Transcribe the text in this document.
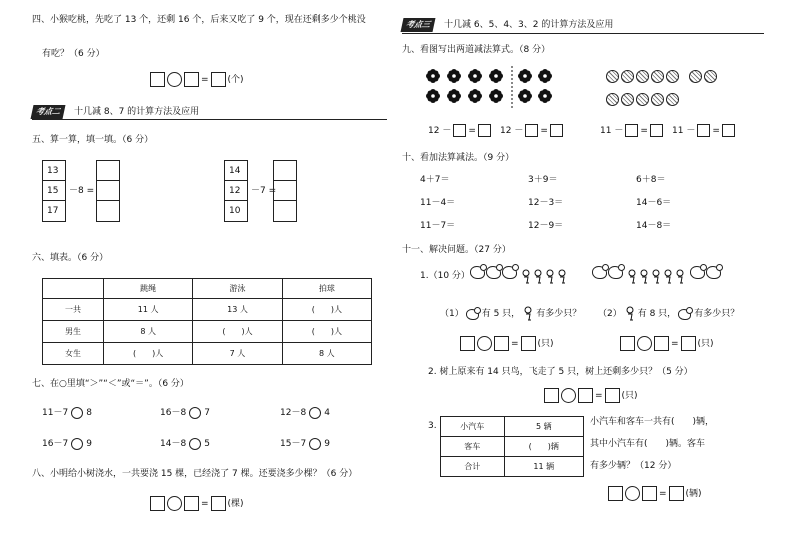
四、小猴吃桃，先吃了 13 个，还剩 16 个，后来又吃了 9 个，现在还剩多少个桃没
有吃？（6 分）
= (个)
考点二 十几减 8、7 的计算方法及应用
五、算一算，填一填。（6 分）
13
15
17
－8 =
14
12
10
－7 =
六、填表。（6 分）
	跳绳	游泳	拍球
一共	11 人	13 人	(　　)人
男生	8 人	(　　)人	(　　)人
女生	(　　)人	7 人	8 人
七、在○里填“＞”“＜”或“＝”。（6 分）
11－7 8	16－8 7	12－8 4
16－7 9	14－8 5	15－7 9
八、小明给小树浇水，一共要浇 15 棵，已经浇了 7 棵。还要浇多少棵？（6 分）
= (棵)
考点三 十几减 6、5、4、3、2 的计算方法及应用
九、看图写出两道减法算式。（8 分）
12 － =	12 － =	11 － =	11 － =
十、看加法算减法。（9 分）
4＋7＝	3＋9＝	6＋8＝
11－4＝	12－3＝	14－6＝
11－7＝	12－9＝	14－8＝
十一、解决问题。（27 分）
1.（10 分）

（1） 有 5 只， 有多少只？ （2） 有 8 只， 有多少只？
= (只)	= (只)
2. 树上原来有 14 只鸟，飞走了 5 只，树上还剩多少只？（5 分）
= (只)
3.	小汽车	5 辆
客车	(　　)辆
合计	11 辆
小汽车和客车一共有(　　)辆，
其中小汽车有(　　)辆。客车
有多少辆？（12 分）
= (辆)
